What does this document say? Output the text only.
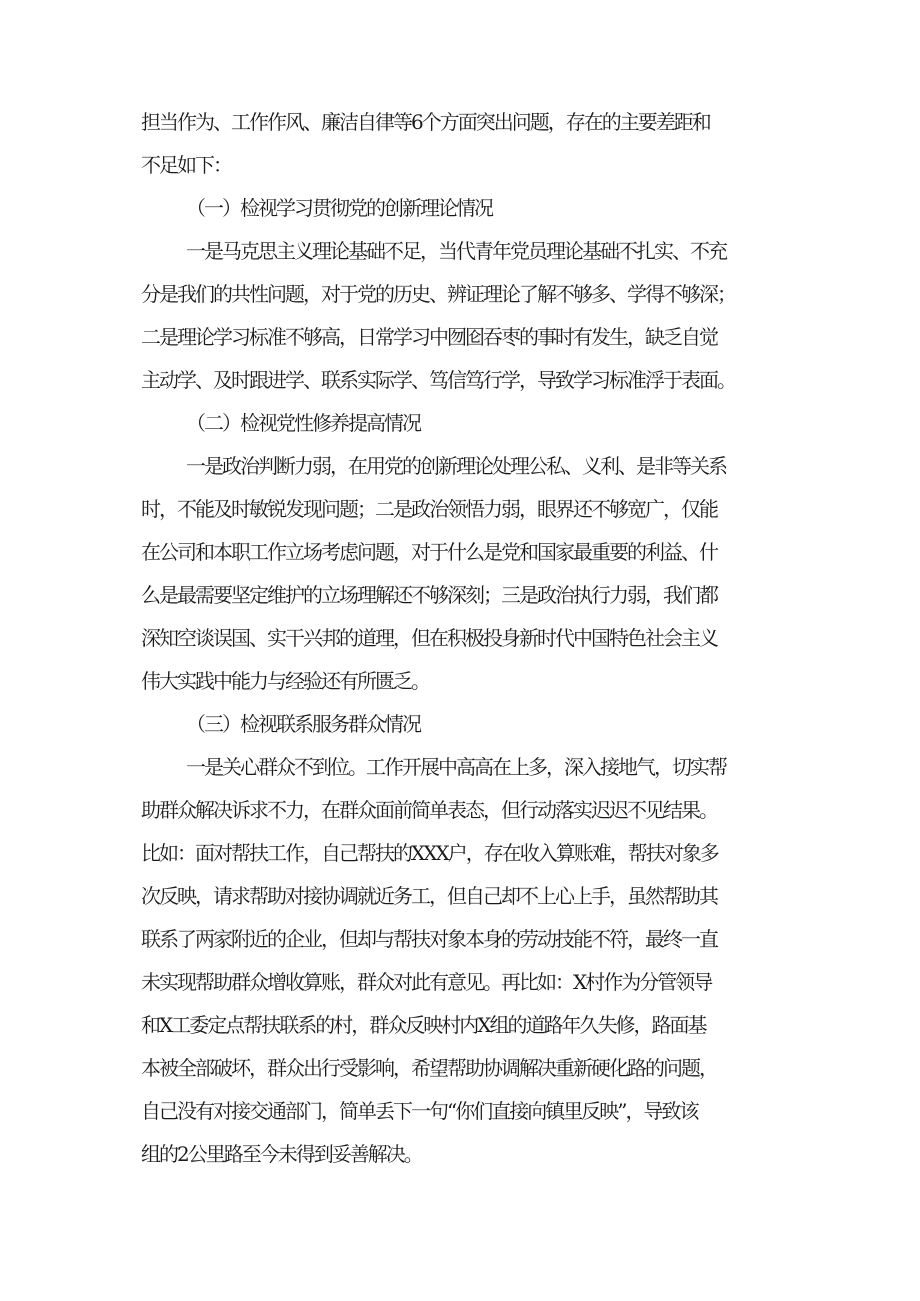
担当作为、工作作风、廉洁自律等6个方面突出问题，存在的主要差距和

不足如下：

（一）检视学习贯彻党的创新理论情况

一是马克思主义理论基础不足，当代青年党员理论基础不扎实、不充

分是我们的共性问题，对于党的历史、辨证理论了解不够多、学得不够深；

二是理论学习标准不够高，日常学习中囫囵吞枣的事时有发生，缺乏自觉

主动学、及时跟进学、联系实际学、笃信笃行学，导致学习标准浮于表面。

（二）检视党性修养提高情况

一是政治判断力弱，在用党的创新理论处理公私、义利、是非等关系

时，不能及时敏锐发现问题；二是政治领悟力弱，眼界还不够宽广，仅能

在公司和本职工作立场考虑问题，对于什么是党和国家最重要的利益、什

么是最需要坚定维护的立场理解还不够深刻；三是政治执行力弱，我们都

深知空谈误国、实干兴邦的道理，但在积极投身新时代中国特色社会主义

伟大实践中能力与经验还有所匮乏。

（三）检视联系服务群众情况

一是关心群众不到位。工作开展中高高在上多，深入接地气，切实帮

助群众解决诉求不力，在群众面前简单表态，但行动落实迟迟不见结果。

比如：面对帮扶工作，自己帮扶的XXX户，存在收入算账难，帮扶对象多

次反映，请求帮助对接协调就近务工，但自己却不上心上手，虽然帮助其

联系了两家附近的企业，但却与帮扶对象本身的劳动技能不符，最终一直

未实现帮助群众增收算账，群众对此有意见。再比如：X村作为分管领导

和X工委定点帮扶联系的村，群众反映村内X组的道路年久失修，路面基

本被全部破坏，群众出行受影响，希望帮助协调解决重新硬化路的问题，

自己没有对接交通部门，简单丢下一句“你们直接向镇里反映”，导致该

组的2公里路至今未得到妥善解决。
